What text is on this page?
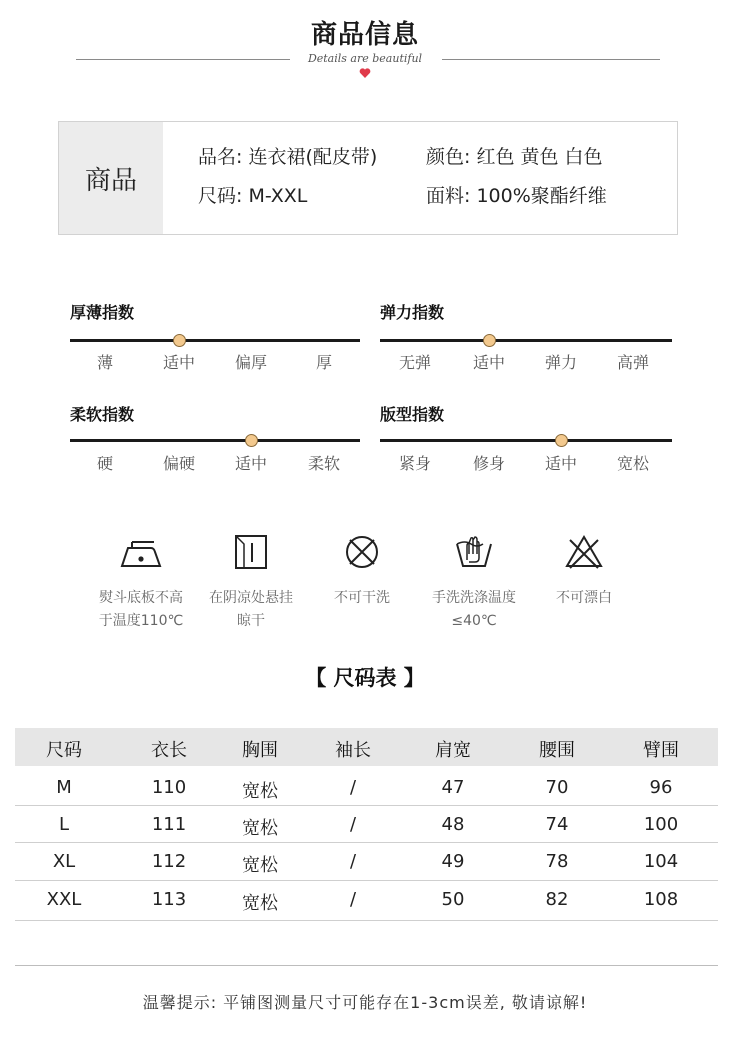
商品信息
Details are beautiful
商品
品名: 连衣裙(配皮带)	颜色: 红色 黄色 白色
尺码: M-XXL	面料: 100%聚酯纤维
厚薄指数
薄	适中	偏厚	厚
弹力指数
无弹	适中	弹力	高弹
柔软指数
硬	偏硬	适中	柔软
版型指数
紧身	修身	适中	宽松
熨斗底板不高
于温度110℃
在阴凉处悬挂
晾干
不可干洗	手洗洗涤温度
≤40℃
不可漂白
【 尺码表 】
尺码	衣长	胸围	袖长	肩宽	腰围	臂围
M	110	宽松	/	47	70	96
L	111	宽松	/	48	74	100
XL	112	宽松	/	49	78	104
XXL	113	宽松	/	50	82	108
温馨提示: 平铺图测量尺寸可能存在1-3cm误差, 敬请谅解!
